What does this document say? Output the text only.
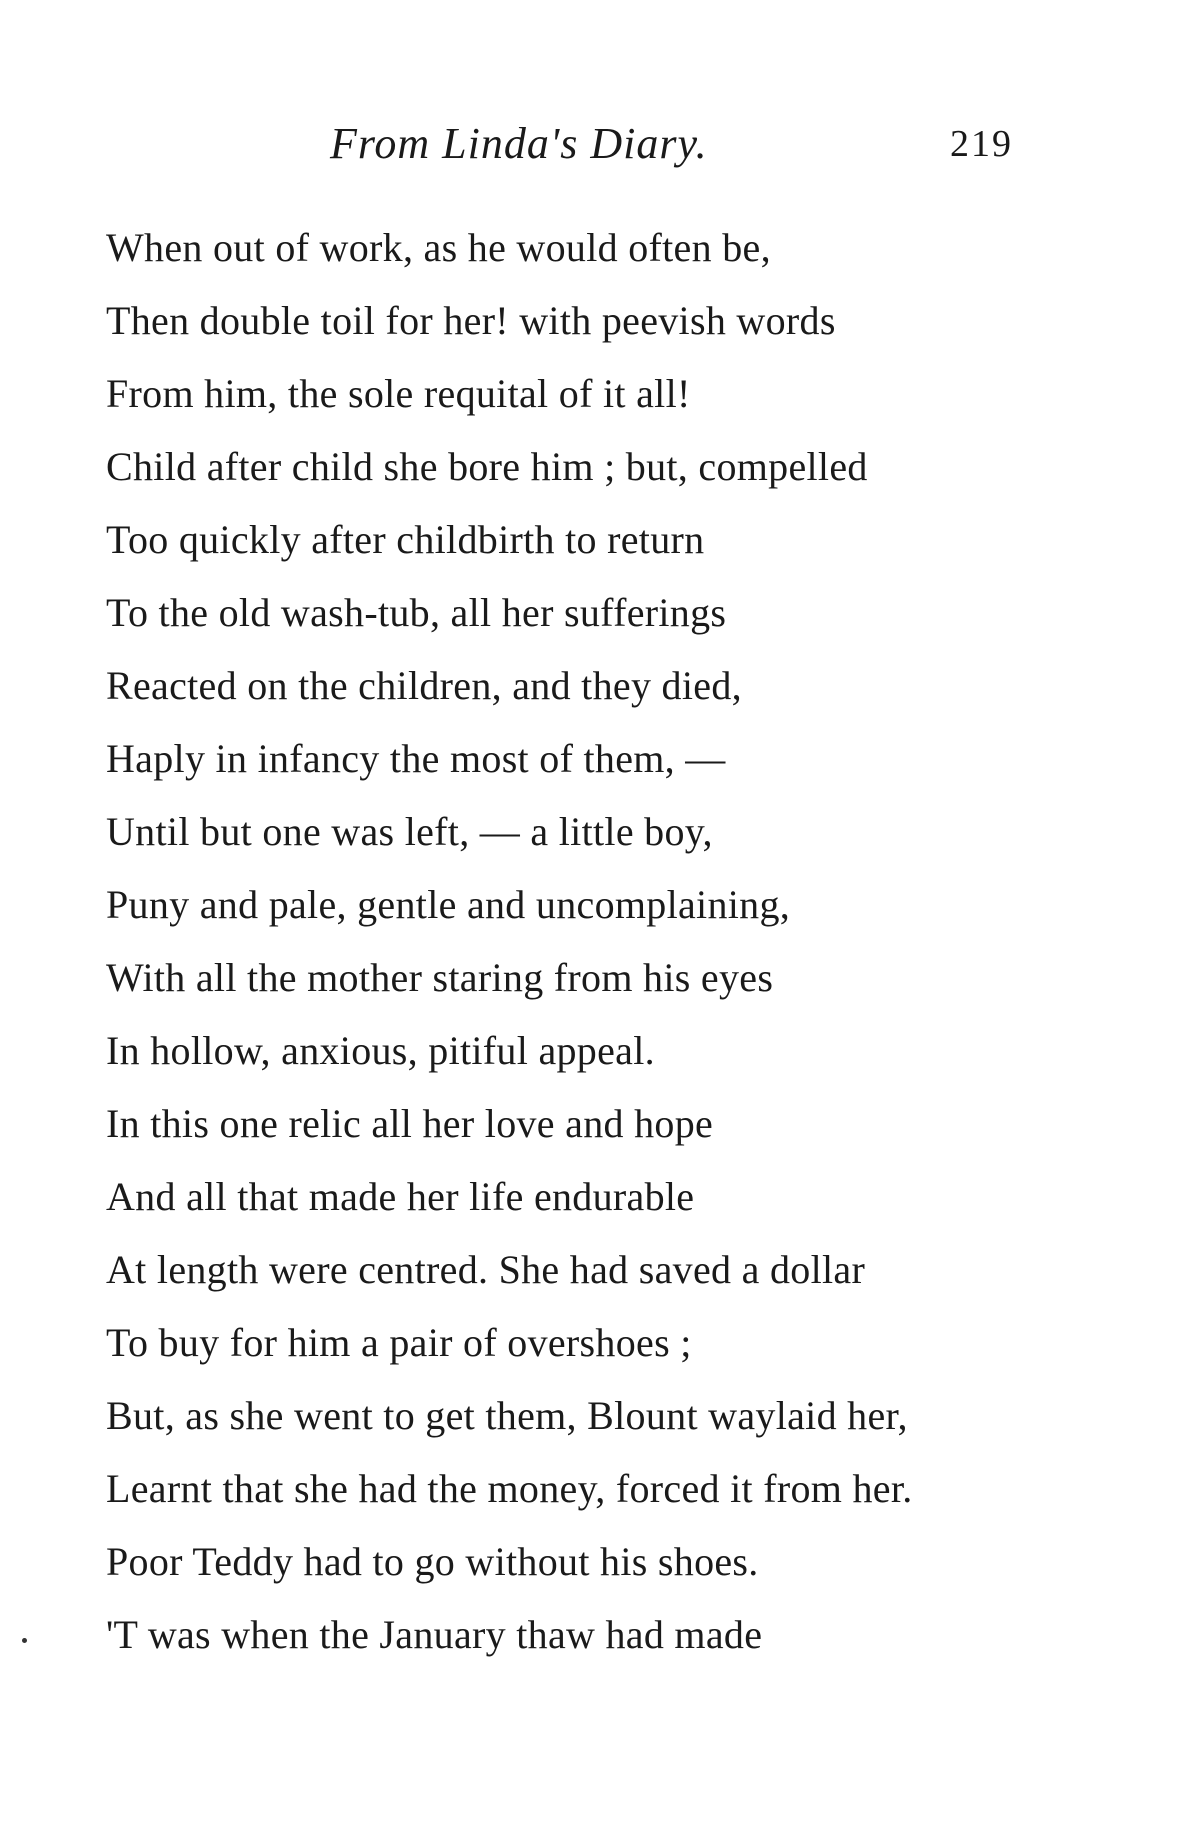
From Linda's Diary.	219
When out of work, as he would often be,
Then double toil for her! with peevish words
From him, the sole requital of it all!
Child after child she bore him ; but, compelled
Too quickly after childbirth to return
To the old wash-tub, all her sufferings
Reacted on the children, and they died,
Haply in infancy the most of them, —
Until but one was left, — a little boy,
Puny and pale, gentle and uncomplaining,
With all the mother staring from his eyes
In hollow, anxious, pitiful appeal.
In this one relic all her love and hope
And all that made her life endurable
At length were centred. She had saved a dollar
To buy for him a pair of overshoes ;
But, as she went to get them, Blount waylaid her,
Learnt that she had the money, forced it from her.
Poor Teddy had to go without his shoes.
'T was when the January thaw had made
